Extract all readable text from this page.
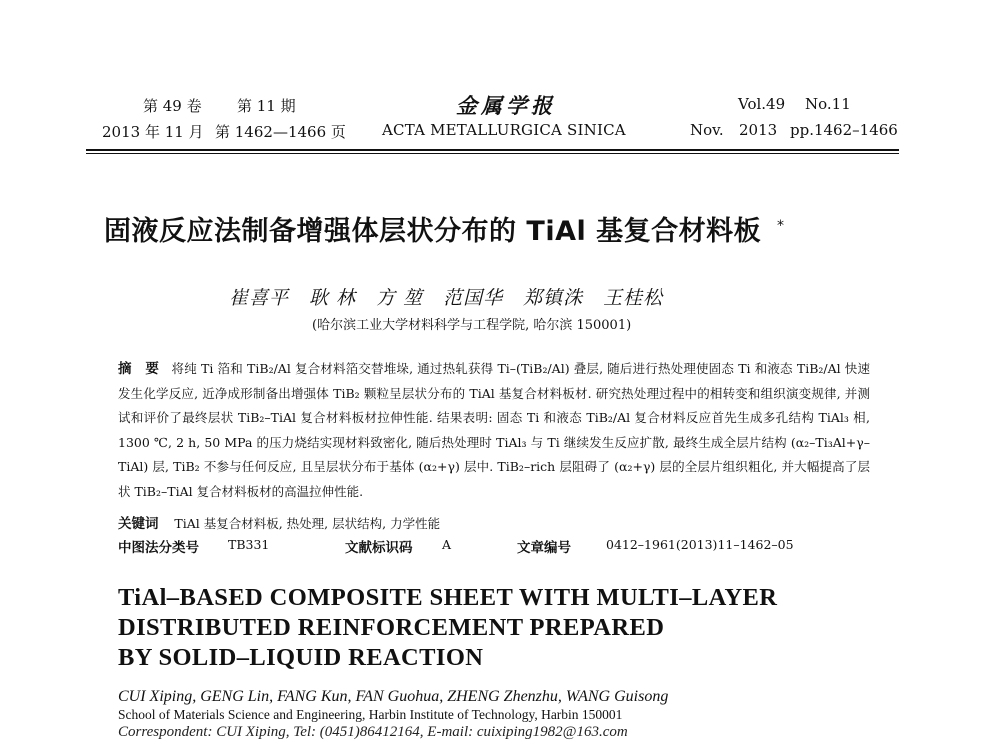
第 49 卷 第 11 期
2013 年 11 月 第 1462—1466 页
金属学报
ACTA METALLURGICA SINICA
Vol.49 No.11
Nov. 2013 pp.1462–1466
固液反应法制备增强体层状分布的 TiAl 基复合材料板 *
崔喜平　耿 林　方 堃　范国华　郑镇洙　王桂松
(哈尔滨工业大学材料科学与工程学院, 哈尔滨 150001)
摘　要 将纯 Ti 箔和 TiB₂/Al 复合材料箔交替堆垛, 通过热轧获得 Ti–(TiB₂/Al) 叠层, 随后进行热处理使固态 Ti 和液态 TiB₂/Al 快速发生化学反应, 近净成形制备出增强体 TiB₂ 颗粒呈层状分布的 TiAl 基复合材料板材. 研究热处理过程中的相转变和组织演变规律, 并测试和评价了最终层状 TiB₂–TiAl 复合材料板材拉伸性能. 结果表明: 固态 Ti 和液态 TiB₂/Al 复合材料反应首先生成多孔结构 TiAl₃ 相, 1300 ℃, 2 h, 50 MPa 的压力烧结实现材料致密化, 随后热处理时 TiAl₃ 与 Ti 继续发生反应扩散, 最终生成全层片结构 (α₂–Ti₃Al+γ–TiAl) 层, TiB₂ 不参与任何反应, 且呈层状分布于基体 (α₂+γ) 层中. TiB₂–rich 层阻碍了 (α₂+γ) 层的全层片组织粗化, 并大幅提高了层状 TiB₂–TiAl 复合材料板材的高温拉伸性能.
关键词 TiAl 基复合材料板, 热处理, 层状结构, 力学性能
中图法分类号 TB331	文献标识码 A	文章编号	0412–1961(2013)11–1462–05
TiAl–BASED COMPOSITE SHEET WITH MULTI–LAYER
DISTRIBUTED REINFORCEMENT PREPARED
BY SOLID–LIQUID REACTION
CUI Xiping, GENG Lin, FANG Kun, FAN Guohua, ZHENG Zhenzhu, WANG Guisong
School of Materials Science and Engineering, Harbin Institute of Technology, Harbin 150001
Correspondent: CUI Xiping, Tel: (0451)86412164, E-mail: cuixiping1982@163.com
